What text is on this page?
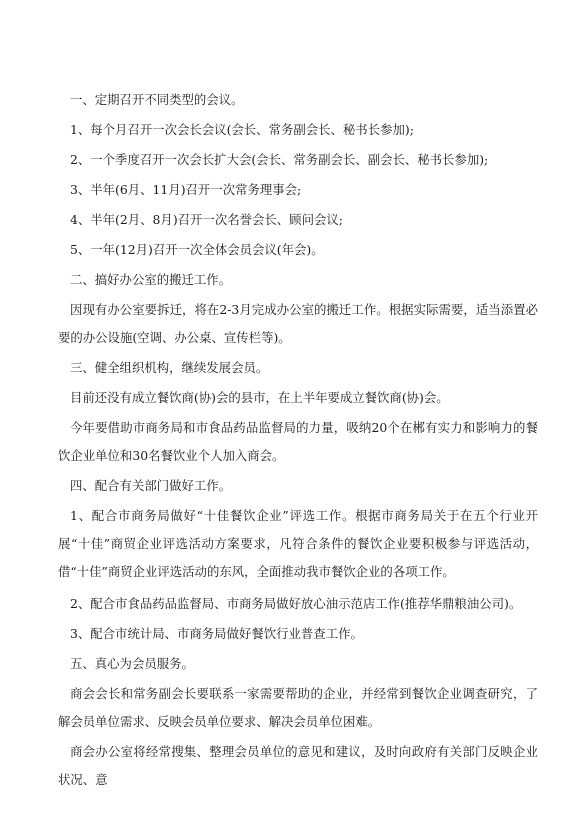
一、定期召开不同类型的会议。

1、每个月召开一次会长会议(会长、常务副会长、秘书长参加);

2、一个季度召开一次会长扩大会(会长、常务副会长、副会长、秘书长参加);

3、半年(6月、11月)召开一次常务理事会;

4、半年(2月、8月)召开一次名誉会长、顾问会议;

5、一年(12月)召开一次全体会员会议(年会)。

二、搞好办公室的搬迁工作。

因现有办公室要拆迁，将在2-3月完成办公室的搬迁工作。根据实际需要，适当添置必要的办公设施(空调、办公桌、宣传栏等)。

三、健全组织机构，继续发展会员。

目前还没有成立餐饮商(协)会的县市，在上半年要成立餐饮商(协)会。

今年要借助市商务局和市食品药品监督局的力量，吸纳20个在郴有实力和影响力的餐饮企业单位和30名餐饮业个人加入商会。

四、配合有关部门做好工作。

1、配合市商务局做好“十佳餐饮企业”评选工作。根据市商务局关于在五个行业开展“十佳”商贸企业评选活动方案要求，凡符合条件的餐饮企业要积极参与评选活动，借“十佳”商贸企业评选活动的东风，全面推动我市餐饮企业的各项工作。

2、配合市食品药品监督局、市商务局做好放心油示范店工作(推荐华鼎粮油公司)。

3、配合市统计局、市商务局做好餐饮行业普查工作。

五、真心为会员服务。

商会会长和常务副会长要联系一家需要帮助的企业，并经常到餐饮企业调查研究，了解会员单位需求、反映会员单位要求、解决会员单位困难。

商会办公室将经常搜集、整理会员单位的意见和建议，及时向政府有关部门反映企业状况、意
